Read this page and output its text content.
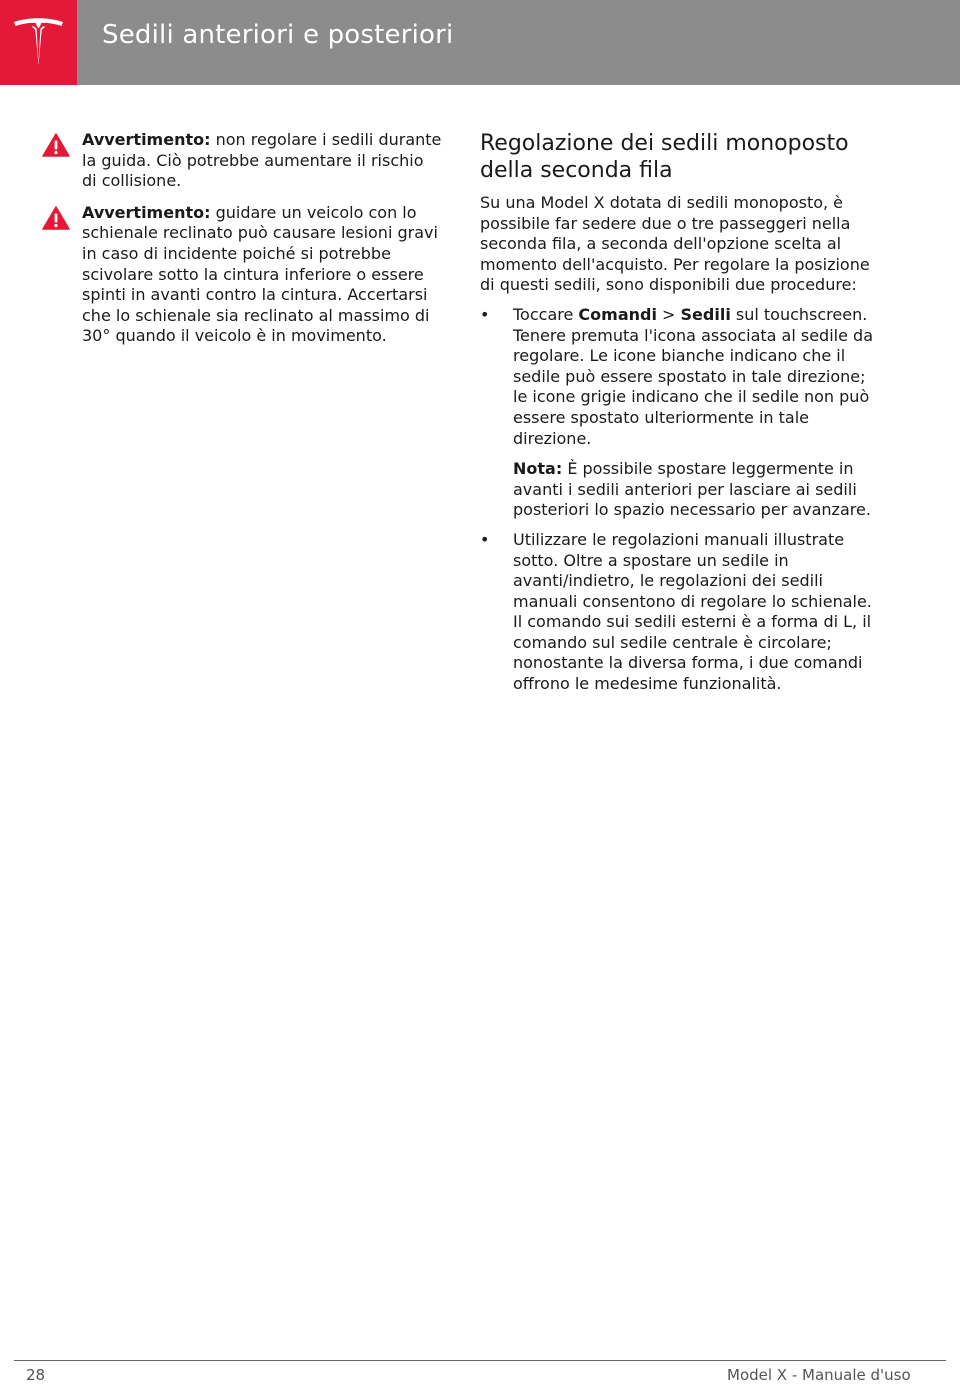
Sedili anteriori e posteriori
Avvertimento: non regolare i sedili durante la guida. Ciò potrebbe aumentare il rischio di collisione.
Avvertimento: guidare un veicolo con lo schienale reclinato può causare lesioni gravi in caso di incidente poiché si potrebbe scivolare sotto la cintura inferiore o essere spinti in avanti contro la cintura. Accertarsi che lo schienale sia reclinato al massimo di 30° quando il veicolo è in movimento.
Regolazione dei sedili monoposto della seconda fila

Su una Model X dotata di sedili monoposto, è possibile far sedere due o tre passeggeri nella seconda fila, a seconda dell'opzione scelta al momento dell'acquisto. Per regolare la posizione di questi sedili, sono disponibili due procedure:

• Toccare Comandi > Sedili sul touchscreen. Tenere premuta l'icona associata al sedile da regolare. Le icone bianche indicano che il sedile può essere spostato in tale direzione; le icone grigie indicano che il sedile non può essere spostato ulteriormente in tale direzione.
Nota: È possibile spostare leggermente in avanti i sedili anteriori per lasciare ai sedili posteriori lo spazio necessario per avanzare.
• Utilizzare le regolazioni manuali illustrate sotto. Oltre a spostare un sedile in avanti/indietro, le regolazioni dei sedili manuali consentono di regolare lo schienale. Il comando sui sedili esterni è a forma di L, il comando sul sedile centrale è circolare; nonostante la diversa forma, i due comandi offrono le medesime funzionalità.
28	Model X - Manuale d'uso
